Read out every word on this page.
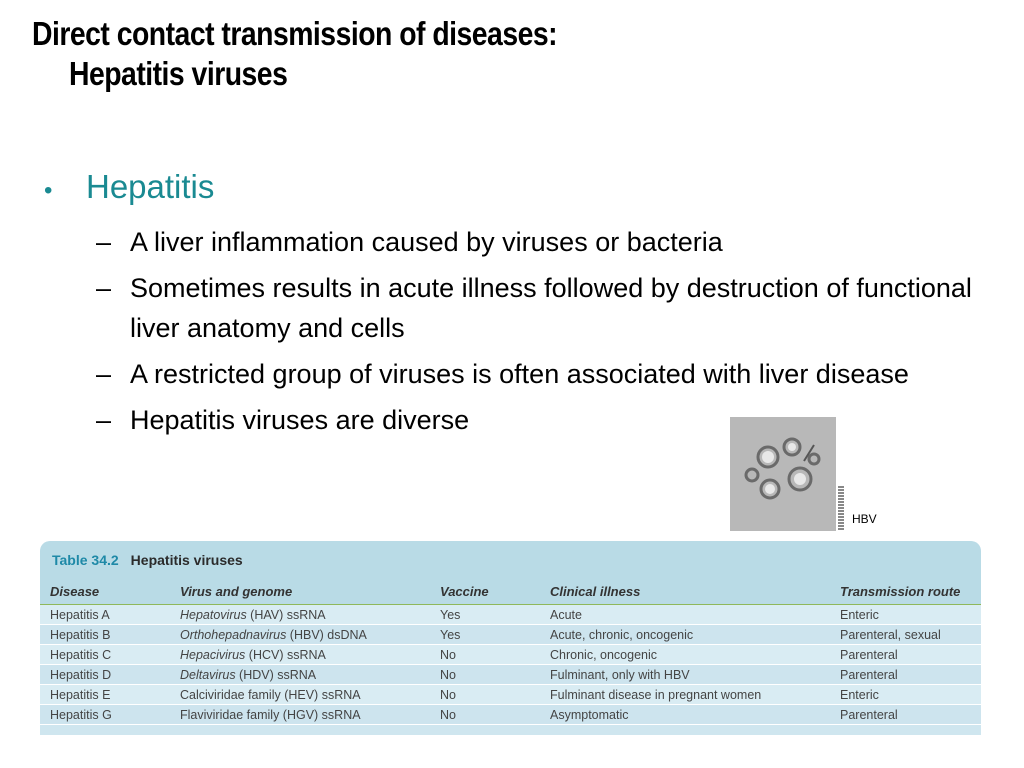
Direct contact transmission of diseases:
Hepatitis viruses
•	Hepatitis
– A liver inflammation caused by viruses or bacteria
– Sometimes results in acute illness followed by destruction of functional liver anatomy and cells
– A restricted group of viruses is often associated with liver disease
– Hepatitis viruses are diverse
HBV
Table 34.2 Hepatitis viruses
Disease	Virus and genome	Vaccine	Clinical illness	Transmission route
Hepatitis A	Hepatovirus (HAV) ssRNA	Yes	Acute	Enteric
Hepatitis B	Orthohepadnavirus (HBV) dsDNA	Yes	Acute, chronic, oncogenic	Parenteral, sexual
Hepatitis C	Hepacivirus (HCV) ssRNA	No	Chronic, oncogenic	Parenteral
Hepatitis D	Deltavirus (HDV) ssRNA	No	Fulminant, only with HBV	Parenteral
Hepatitis E	Calciviridae family (HEV) ssRNA	No	Fulminant disease in pregnant women	Enteric
Hepatitis G	Flaviviridae family (HGV) ssRNA	No	Asymptomatic	Parenteral
